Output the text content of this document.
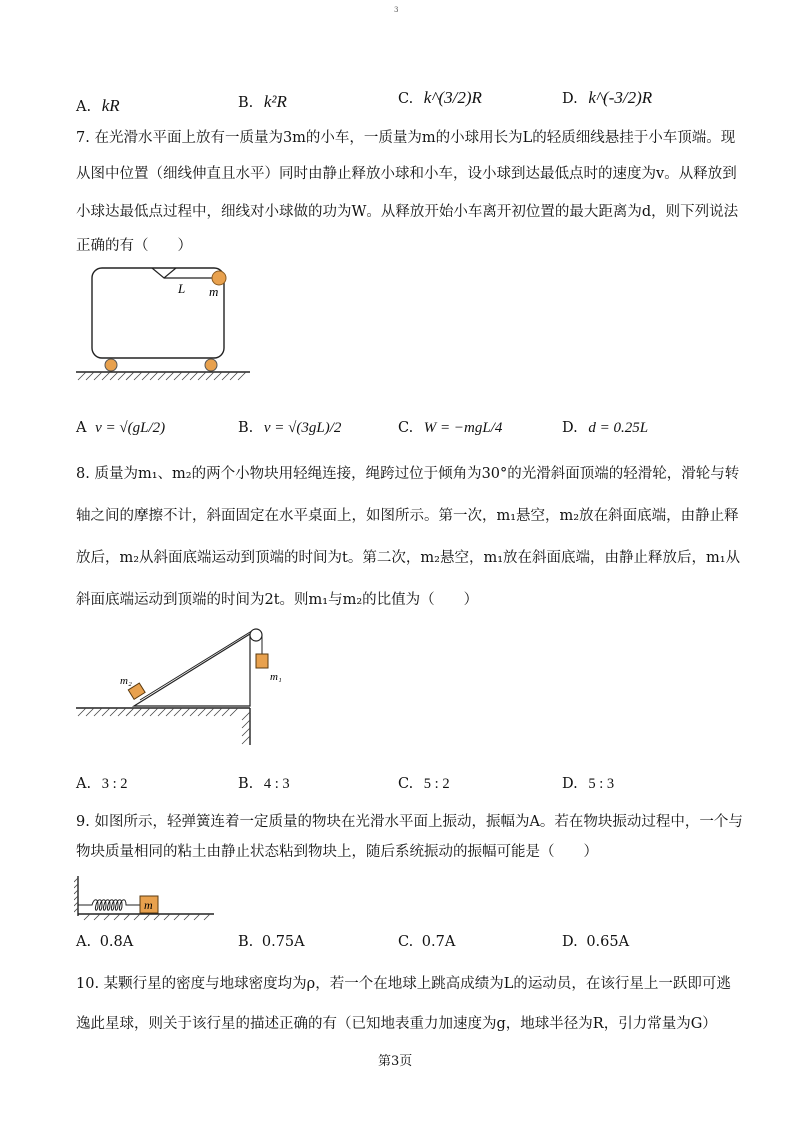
3
A. kR	B. k²R	C. k^(3/2)R	D. k^(-3/2)R
7. 在光滑水平面上放有一质量为3m的小车，一质量为m的小球用长为L的轻质细线悬挂于小车顶端。现
从图中位置（细线伸直且水平）同时由静止释放小球和小车，设小球到达最低点时的速度为v。从释放到
小球达最低点过程中，细线对小球做的功为W。从释放开始小车离开初位置的最大距离为d，则下列说法
正确的有（　　）
L m
A v = √(gL/2)	B. v = √(3gL)/2	C. W = −mgL/4	D. d = 0.25L
8. 质量为m₁、m₂的两个小物块用轻绳连接，绳跨过位于倾角为30°的光滑斜面顶端的轻滑轮，滑轮与转
轴之间的摩擦不计，斜面固定在水平桌面上，如图所示。第一次，m₁悬空，m₂放在斜面底端，由静止释
放后，m₂从斜面底端运动到顶端的时间为t。第二次，m₂悬空，m₁放在斜面底端，由静止释放后，m₁从
斜面底端运动到顶端的时间为2t。则m₁与m₂的比值为（　　）
m₁
m₂
A. 3 : 2	B. 4 : 3	C. 5 : 2	D. 5 : 3
9. 如图所示，轻弹簧连着一定质量的物块在光滑水平面上振动，振幅为A。若在物块振动过程中，一个与
物块质量相同的粘土由静止状态粘到物块上，随后系统振动的振幅可能是（　　）
m
A. 0.8A	B. 0.75A	C. 0.7A	D. 0.65A
10. 某颗行星的密度与地球密度均为ρ，若一个在地球上跳高成绩为L的运动员，在该行星上一跃即可逃
逸此星球，则关于该行星的描述正确的有（已知地表重力加速度为g，地球半径为R，引力常量为G）
第3页
